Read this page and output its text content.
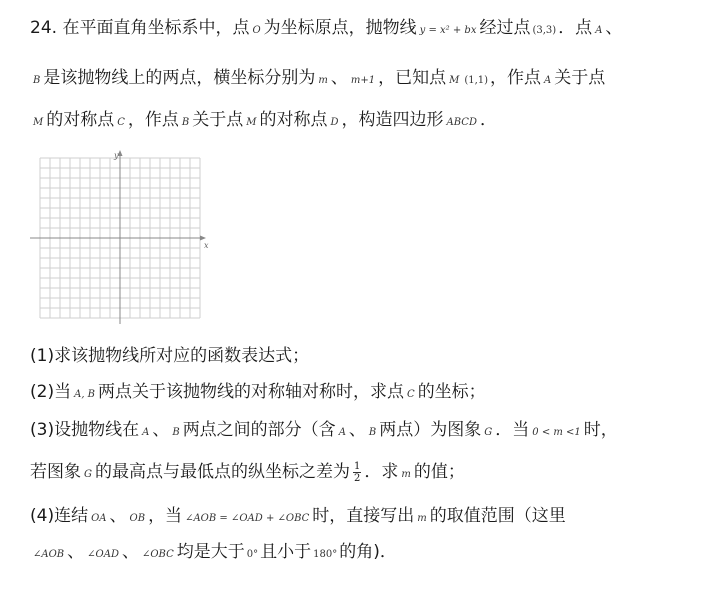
24. 在平面直角坐标系中，点 O 为坐标原点，抛物线 y = x² + bx 经过点 (3,3) ．点 A 、
B 是该抛物线上的两点，横坐标分别为 m 、 m+1 ，已知点 M (1,1) ，作点 A 关于点
M 的对称点 C ，作点 B 关于点 M 的对称点 D ，构造四边形 ABCD ．
y
x
(1)求该抛物线所对应的函数表达式；
(2)当 A, B 两点关于该抛物线的对称轴对称时，求点 C 的坐标；
(3)设抛物线在 A 、 B 两点之间的部分（含 A 、 B 两点）为图象 G ．当 0 < m <1 时，
若图象 G 的最高点与最低点的纵坐标之差为 $\frac{1}{2}$ ．求 m 的值；
(4)连结 OA 、 OB ，当 ∠AOB = ∠OAD + ∠OBC 时，直接写出 m 的取值范围（这里
∠AOB 、 ∠OAD 、 ∠OBC 均是大于 0° 且小于 180° 的角)．
